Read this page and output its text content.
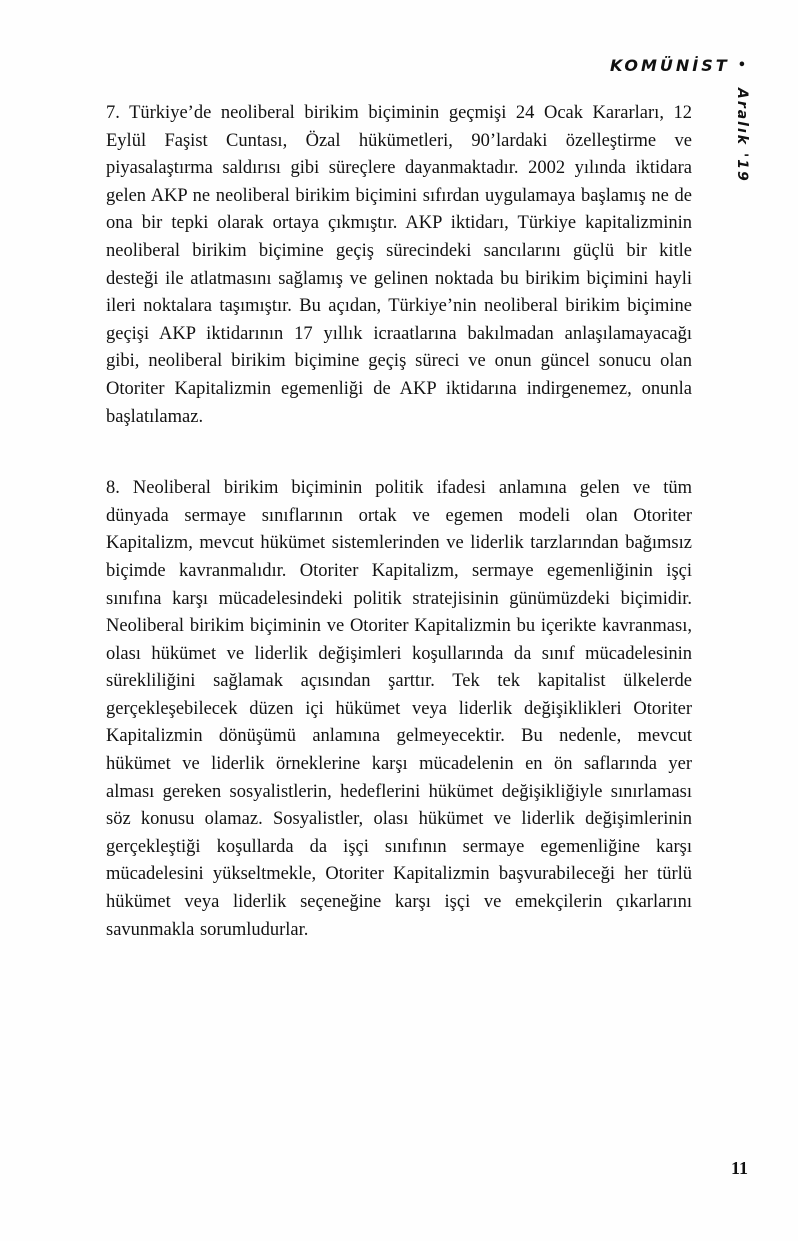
KOMÜNİST •
Aralık '19

7. Türkiye’de neoliberal birikim biçiminin geçmişi 24 Ocak Kararları, 12 Eylül Faşist Cuntası, Özal hükümetleri, 90’lardaki özelleştirme ve piyasalaştırma saldırısı gibi süreçlere dayanmaktadır. 2002 yılında iktidara gelen AKP ne neoliberal birikim biçimini sıfırdan uygulamaya başlamış ne de ona bir tepki olarak ortaya çıkmıştır. AKP iktidarı, Türkiye kapitalizminin neoliberal birikim biçimine geçiş sürecindeki sancılarını güçlü bir kitle desteği ile atlatmasını sağlamış ve gelinen noktada bu birikim biçimini hayli ileri noktalara taşımıştır. Bu açıdan, Türkiye’nin neoliberal birikim biçimine geçişi AKP iktidarının 17 yıllık icraatlarına bakılmadan anlaşılamayacağı gibi, neoliberal birikim biçimine geçiş süreci ve onun güncel sonucu olan Otoriter Kapitalizmin egemenliği de AKP iktidarına indirgenemez, onunla başlatılamaz.

8. Neoliberal birikim biçiminin politik ifadesi anlamına gelen ve tüm dünyada sermaye sınıflarının ortak ve egemen modeli olan Otoriter Kapitalizm, mevcut hükümet sistemlerinden ve liderlik tarzlarından bağımsız biçimde kavranmalıdır. Otoriter Kapitalizm, sermaye egemenliğinin işçi sınıfına karşı mücadelesindeki politik stratejisinin günümüzdeki biçimidir. Neoliberal birikim biçiminin ve Otoriter Kapitalizmin bu içerikte kavranması, olası hükümet ve liderlik değişimleri koşullarında da sınıf mücadelesinin sürekliliğini sağlamak açısından şarttır. Tek tek kapitalist ülkelerde gerçekleşebilecek düzen içi hükümet veya liderlik değişiklikleri Otoriter Kapitalizmin dönüşümü anlamına gelmeyecektir. Bu nedenle, mevcut hükümet ve liderlik örneklerine karşı mücadelenin en ön saflarında yer alması gereken sosyalistlerin, hedeflerini hükümet değişikliğiyle sınırlaması söz konusu olamaz. Sosyalistler, olası hükümet ve liderlik değişimlerinin gerçekleştiği koşullarda da işçi sınıfının sermaye egemenliğine karşı mücadelesini yükseltmekle, Otoriter Kapitalizmin başvurabileceği her türlü hükümet veya liderlik seçeneğine karşı işçi ve emekçilerin çıkarlarını savunmakla sorumludurlar.

11
